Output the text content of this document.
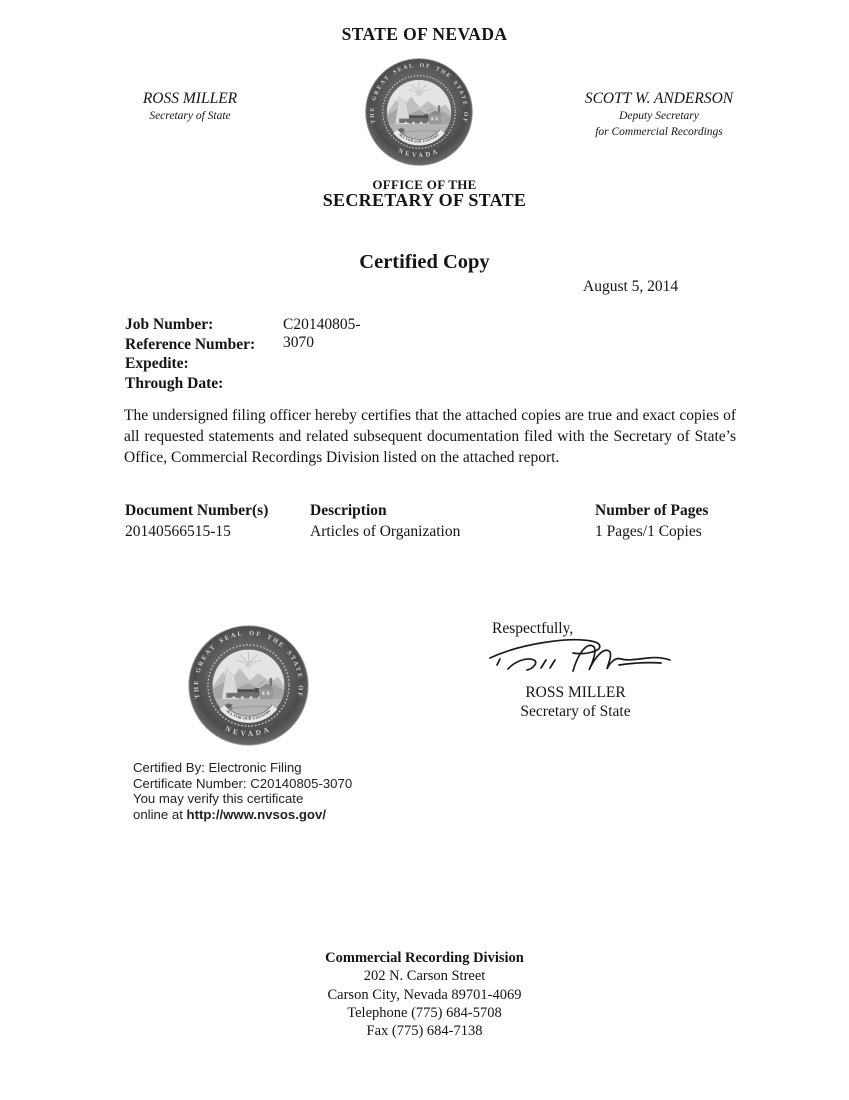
STATE OF NEVADA
THE GREAT SEAL OF THE STATE OF
NEVADA
ALL FOR OUR COUNTRY
ROSS MILLER
Secretary of State
SCOTT W. ANDERSON
Deputy Secretary
for Commercial Recordings
OFFICE OF THE
SECRETARY OF STATE
Certified Copy
August 5, 2014
Job Number:	C20140805-3070
Reference Number:
Expedite:
Through Date:
The undersigned filing officer hereby certifies that the attached copies are true and exact copies of all requested statements and related subsequent documentation filed with the Secretary of State’s Office, Commercial Recordings Division listed on the attached report.
Document Number(s)	Description	Number of Pages
20140566515-15	Articles of Organization	1 Pages/1 Copies
Respectfully,
ROSS MILLER
Secretary of State
THE GREAT SEAL OF THE STATE OF
NEVADA
ALL FOR OUR COUNTRY
Certified By: Electronic Filing
Certificate Number: C20140805-3070
You may verify this certificate
online at http://www.nvsos.gov/
Commercial Recording Division
202 N. Carson Street
Carson City, Nevada 89701-4069
Telephone (775) 684-5708
Fax (775) 684-7138
